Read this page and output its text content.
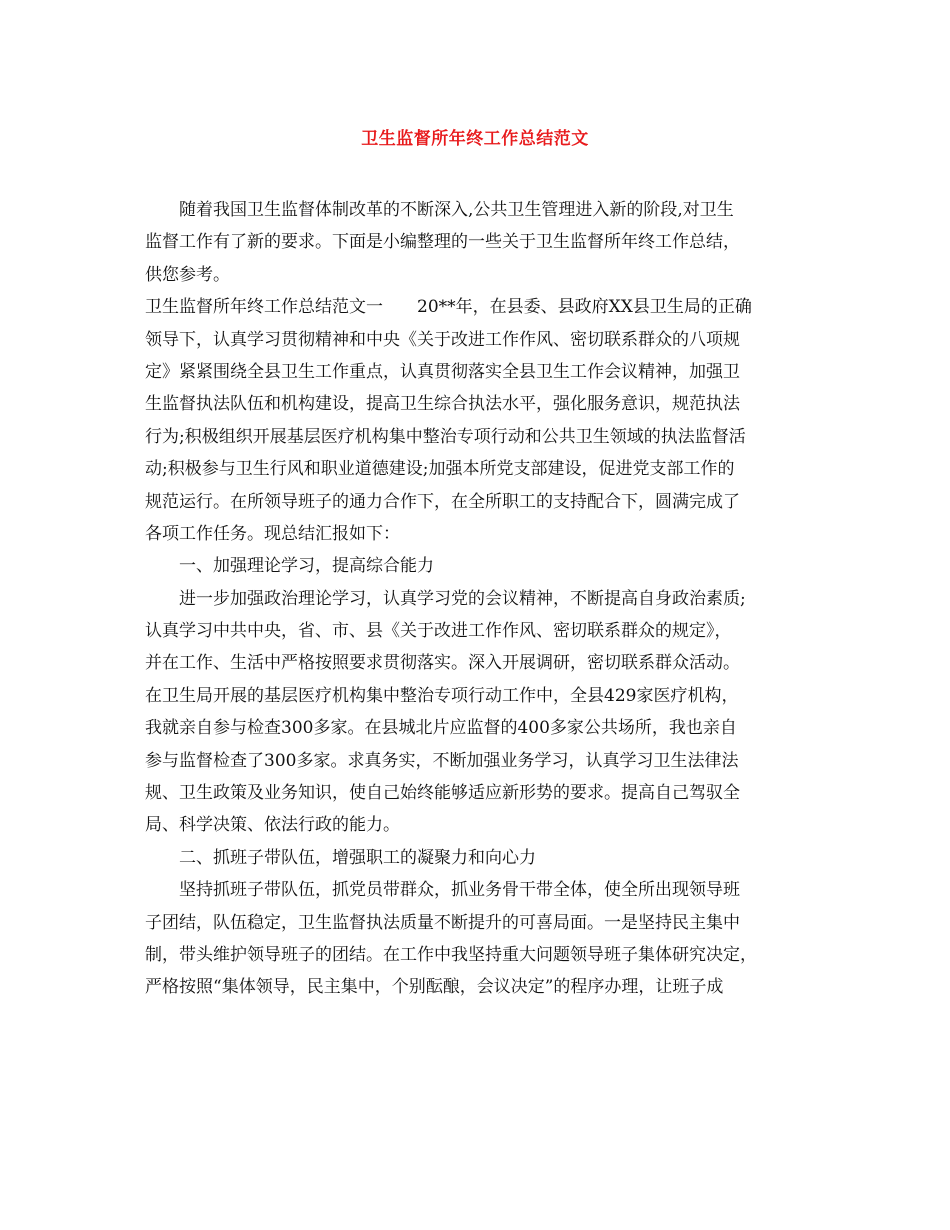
卫生监督所年终工作总结范文
　　随着我国卫生监督体制改革的不断深入,公共卫生管理进入新的阶段,对卫生
监督工作有了新的要求。下面是小编整理的一些关于卫生监督所年终工作总结，
供您参考。
卫生监督所年终工作总结范文一　　20**年，在县委、县政府XX县卫生局的正确
领导下，认真学习贯彻精神和中央《关于改进工作作风、密切联系群众的八项规
定》紧紧围绕全县卫生工作重点，认真贯彻落实全县卫生工作会议精神，加强卫
生监督执法队伍和机构建设，提高卫生综合执法水平，强化服务意识，规范执法
行为;积极组织开展基层医疗机构集中整治专项行动和公共卫生领域的执法监督活
动;积极参与卫生行风和职业道德建设;加强本所党支部建设，促进党支部工作的
规范运行。在所领导班子的通力合作下，在全所职工的支持配合下，圆满完成了
各项工作任务。现总结汇报如下：
　　一、加强理论学习，提高综合能力
　　进一步加强政治理论学习，认真学习党的会议精神，不断提高自身政治素质;
认真学习中共中央，省、市、县《关于改进工作作风、密切联系群众的规定》，
并在工作、生活中严格按照要求贯彻落实。深入开展调研，密切联系群众活动。
在卫生局开展的基层医疗机构集中整治专项行动工作中，全县429家医疗机构，
我就亲自参与检查300多家。在县城北片应监督的400多家公共场所，我也亲自
参与监督检查了300多家。求真务实，不断加强业务学习，认真学习卫生法律法
规、卫生政策及业务知识，使自己始终能够适应新形势的要求。提高自己驾驭全
局、科学决策、依法行政的能力。
　　二、抓班子带队伍，增强职工的凝聚力和向心力
　　坚持抓班子带队伍，抓党员带群众，抓业务骨干带全体，使全所出现领导班
子团结，队伍稳定，卫生监督执法质量不断提升的可喜局面。一是坚持民主集中
制，带头维护领导班子的团结。在工作中我坚持重大问题领导班子集体研究决定，
严格按照“集体领导，民主集中，个别酝酿，会议决定”的程序办理，让班子成
